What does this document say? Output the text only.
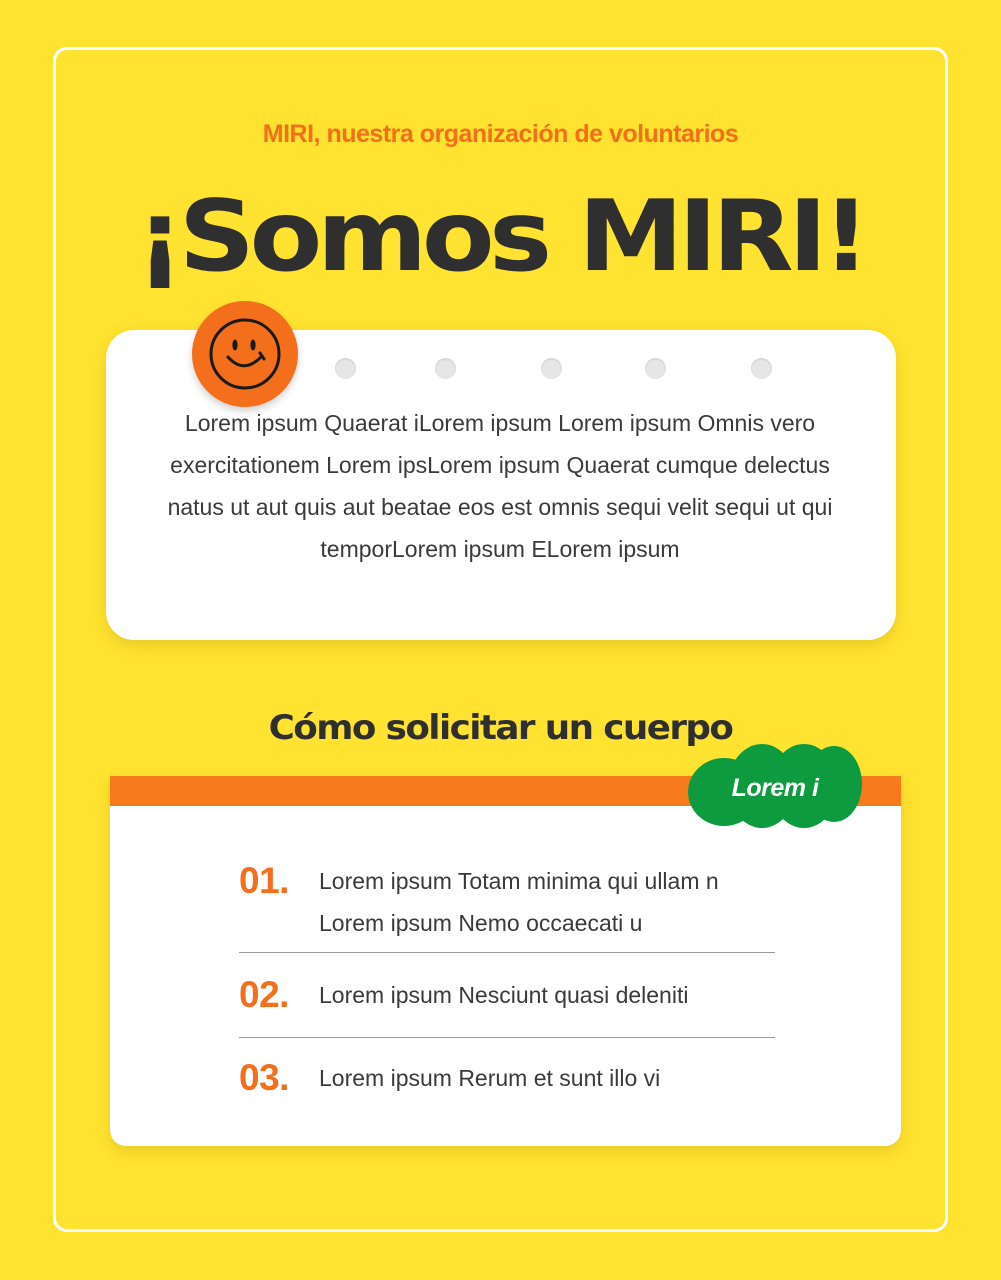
MIRI, nuestra organización de voluntarios
¡Somos MIRI!
Lorem ipsum Quaerat iLorem ipsum Lorem ipsum Omnis vero exercitationem Lorem ipsLorem ipsum Quaerat cumque delectus natus ut aut quis aut beatae eos est omnis sequi velit sequi ut qui temporLorem ipsum ELorem ipsum
Cómo solicitar un cuerpo
Lorem i
01. Lorem ipsum Totam minima qui ullam n
Lorem ipsum Nemo occaecati u
02. Lorem ipsum Nesciunt quasi deleniti
03. Lorem ipsum Rerum et sunt illo vi
